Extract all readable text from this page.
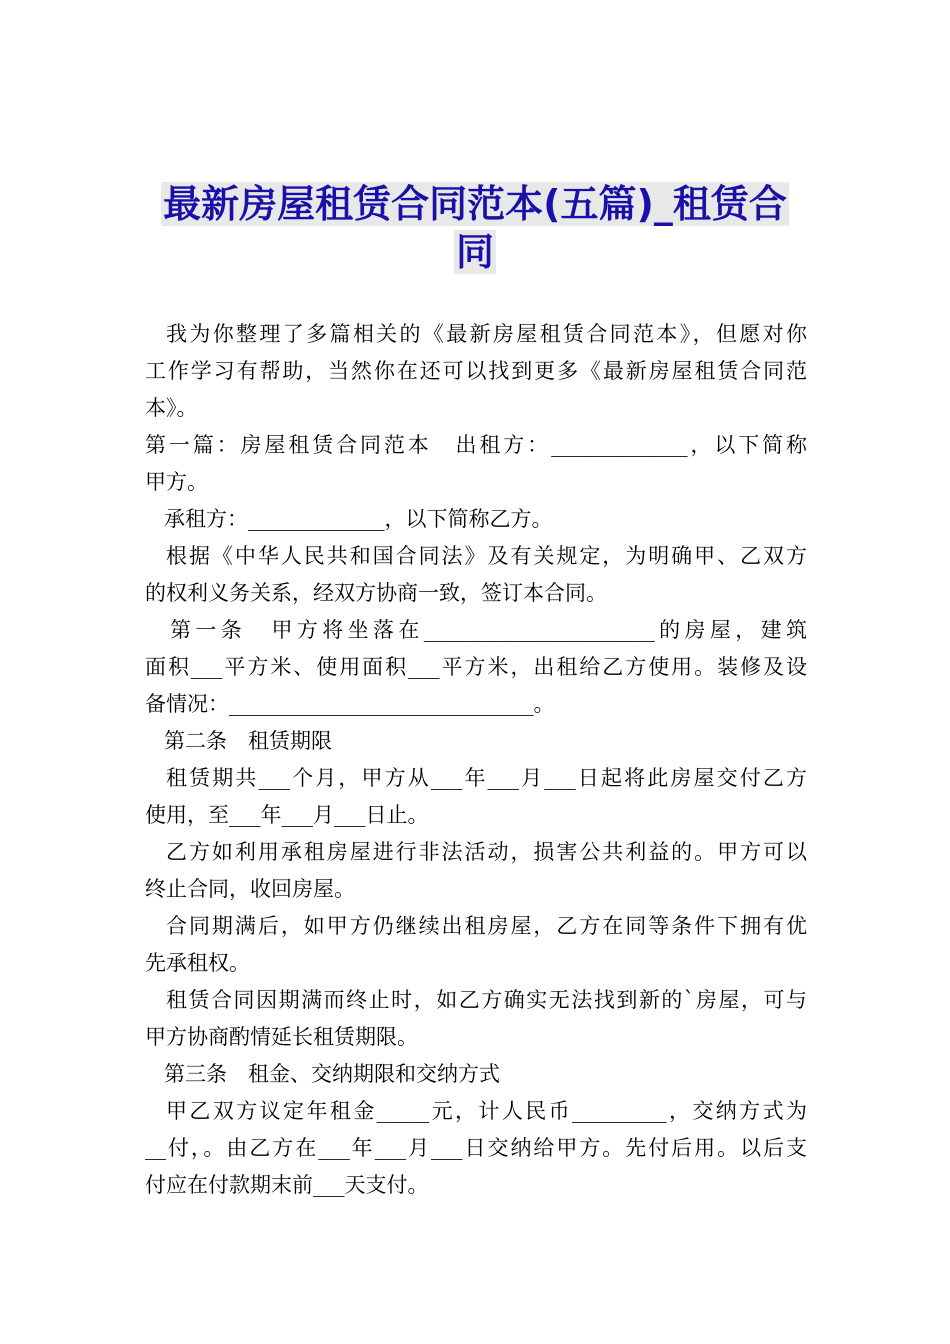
最新房屋租赁合同范本(五篇)_租赁合
同
我为你整理了多篇相关的《最新房屋租赁合同范本》，但愿对你
工作学习有帮助，当然你在还可以找到更多《最新房屋租赁合同范
本》。
第一篇：房屋租赁合同范本　出租方：_____________，以下简称
甲方。
承租方：_____________，以下简称乙方。
根据《中华人民共和国合同法》及有关规定，为明确甲、乙双方
的权利义务关系，经双方协商一致，签订本合同。
第一条　甲方将坐落在______________________的房屋，建筑
面积___平方米、使用面积___平方米，出租给乙方使用。装修及设
备情况：_____________________________。
第二条　租赁期限
租赁期共___个月，甲方从___年___月___日起将此房屋交付乙方
使用，至___年___月___日止。
乙方如利用承租房屋进行非法活动，损害公共利益的。甲方可以
终止合同，收回房屋。
合同期满后，如甲方仍继续出租房屋，乙方在同等条件下拥有优
先承租权。
租赁合同因期满而终止时，如乙方确实无法找到新的`房屋，可与
甲方协商酌情延长租赁期限。
第三条　租金、交纳期限和交纳方式
甲乙双方议定年租金_____元，计人民币_________，交纳方式为
__付，。由乙方在___年___月___日交纳给甲方。先付后用。以后支
付应在付款期末前___天支付。
